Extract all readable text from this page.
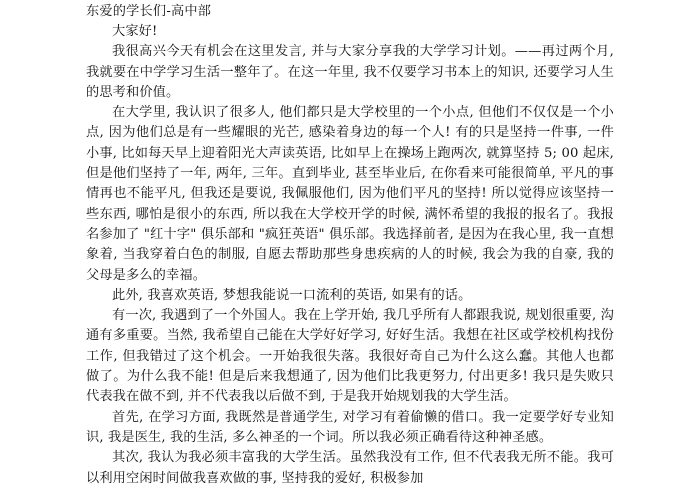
东爱的学长们-高中部

大家好!

我很高兴今天有机会在这里发言, 并与大家分享我的大学学习计划。——再过两个月, 我就要在中学学习生活一整年了。在这一年里, 我不仅要学习书本上的知识, 还要学习人生的思考和价值。

在大学里, 我认识了很多人, 他们都只是大学校里的一个小点, 但他们不仅仅是一个小点, 因为他们总是有一些耀眼的光芒, 感染着身边的每一个人! 有的只是坚持一件事, 一件小事, 比如每天早上迎着阳光大声读英语, 比如早上在操场上跑两次, 就算坚持 5; 00 起床, 但是他们坚持了一年, 两年, 三年。直到毕业, 甚至毕业后, 在你看来可能很简单, 平凡的事情再也不能平凡, 但我还是要说, 我佩服他们, 因为他们平凡的坚持! 所以觉得应该坚持一些东西, 哪怕是很小的东西, 所以我在大学校开学的时候, 满怀希望的我报的报名了。我报名参加了 "红十字" 俱乐部和 "疯狂英语" 俱乐部。我选择前者, 是因为在我心里, 我一直想象着, 当我穿着白色的制服, 自愿去帮助那些身患疾病的人的时候, 我会为我的自豪, 我的父母是多么的幸福。

此外, 我喜欢英语, 梦想我能说一口流利的英语, 如果有的话。

有一次, 我遇到了一个外国人。我在上学开始, 我几乎所有人都跟我说, 规划很重要, 沟通有多重要。当然, 我希望自己能在大学好好学习, 好好生活。我想在社区或学校机构找份工作, 但我错过了这个机会。一开始我很失落。我很好奇自己为什么这么蠢。其他人也都做了。为什么我不能! 但是后来我想通了, 因为他们比我更努力, 付出更多! 我只是失败只代表我在做不到, 并不代表我以后做不到, 于是我开始规划我的大学生活。

首先, 在学习方面, 我既然是普通学生, 对学习有着偷懒的借口。我一定要学好专业知识, 我是医生, 我的生活, 多么神圣的一个词。所以我必须正确看待这种神圣感。

其次, 我认为我必须丰富我的大学生活。虽然我没有工作, 但不代表我无所不能。我可以利用空闲时间做我喜欢做的事, 坚持我的爱好, 积极参加
